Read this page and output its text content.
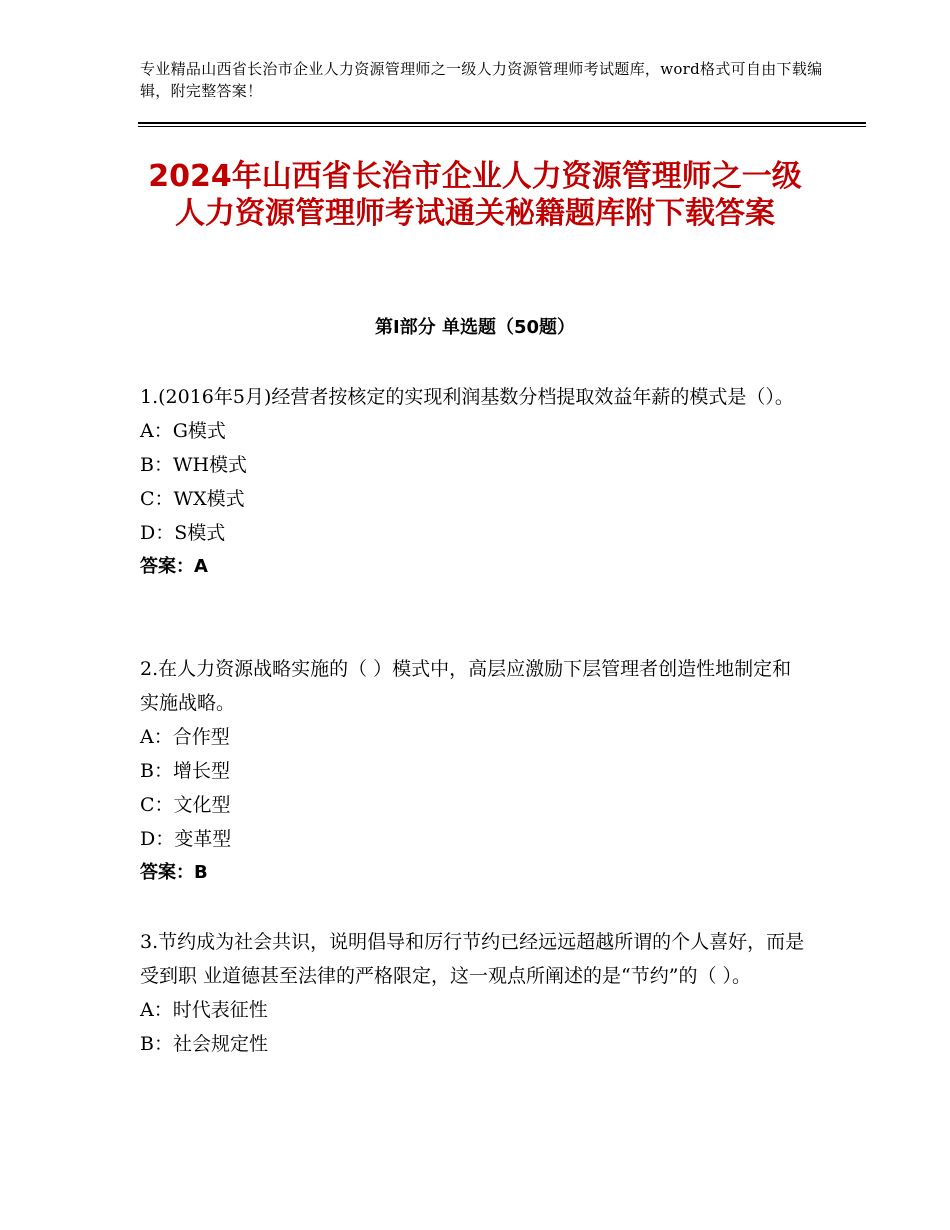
专业精品山西省长治市企业人力资源管理师之一级人力资源管理师考试题库，word格式可自由下载编辑，附完整答案！
2024年山西省长治市企业人力资源管理师之一级人力资源管理师考试通关秘籍题库附下载答案
第Ⅰ部分 单选题（50题）

1.(2016年5月)经营者按核定的实现利润基数分档提取效益年薪的模式是（）。

A：G模式

B：WH模式

C：WX模式

D：S模式

答案：A

2.在人力资源战略实施的（ ）模式中，高层应激励下层管理者创造性地制定和实施战略。

A：合作型

B：增长型

C：文化型

D：变革型

答案：B

3.节约成为社会共识，说明倡导和厉行节约已经远远超越所谓的个人喜好，而是受到职 业道德甚至法律的严格限定，这一观点所阐述的是“节约”的（ ）。

A：时代表征性

B：社会规定性
